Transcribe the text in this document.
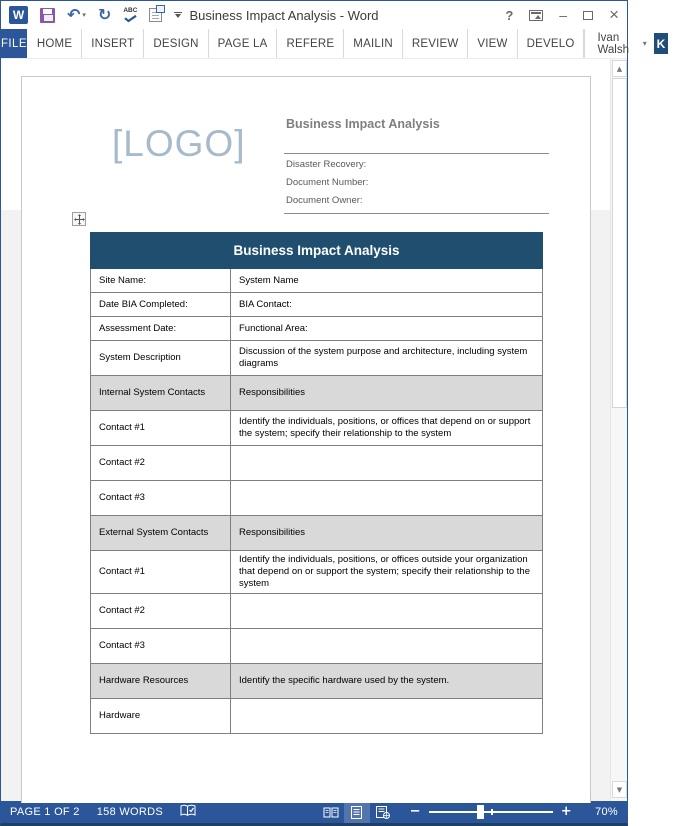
W	↶ ▾ ↻ ABC	Business Impact Analysis - Word	?	– ×
FILE HOME	INSERT	DESIGN	PAGE LA	REFERE	MAILIN	REVIEW	VIEW	DEVELO	Ivan Walsh	▾ K
[LOGO]	Business Impact Analysis
Disaster Recovery:
Document Number:
Document Owner:
Business Impact Analysis	
Site Name:	System Name
Date BIA Completed:	BIA Contact:
Assessment Date:	Functional Area:
System Description	Discussion of the system purpose and architecture, including system diagrams
Internal System Contacts	Responsibilities
Contact #1	Identify the individuals, positions, or offices that depend on or support the system; specify their relationship to the system
Contact #2	
Contact #3	
External System Contacts	Responsibilities
Contact #1	Identify the individuals, positions, or offices outside your organization that depend on or support the system; specify their relationship to the system
Contact #2	
Contact #3	
Hardware Resources	Identify the specific hardware used by the system.
Hardware	
▲
▼
PAGE 1 OF 2 158 WORDS	−	+	70%
